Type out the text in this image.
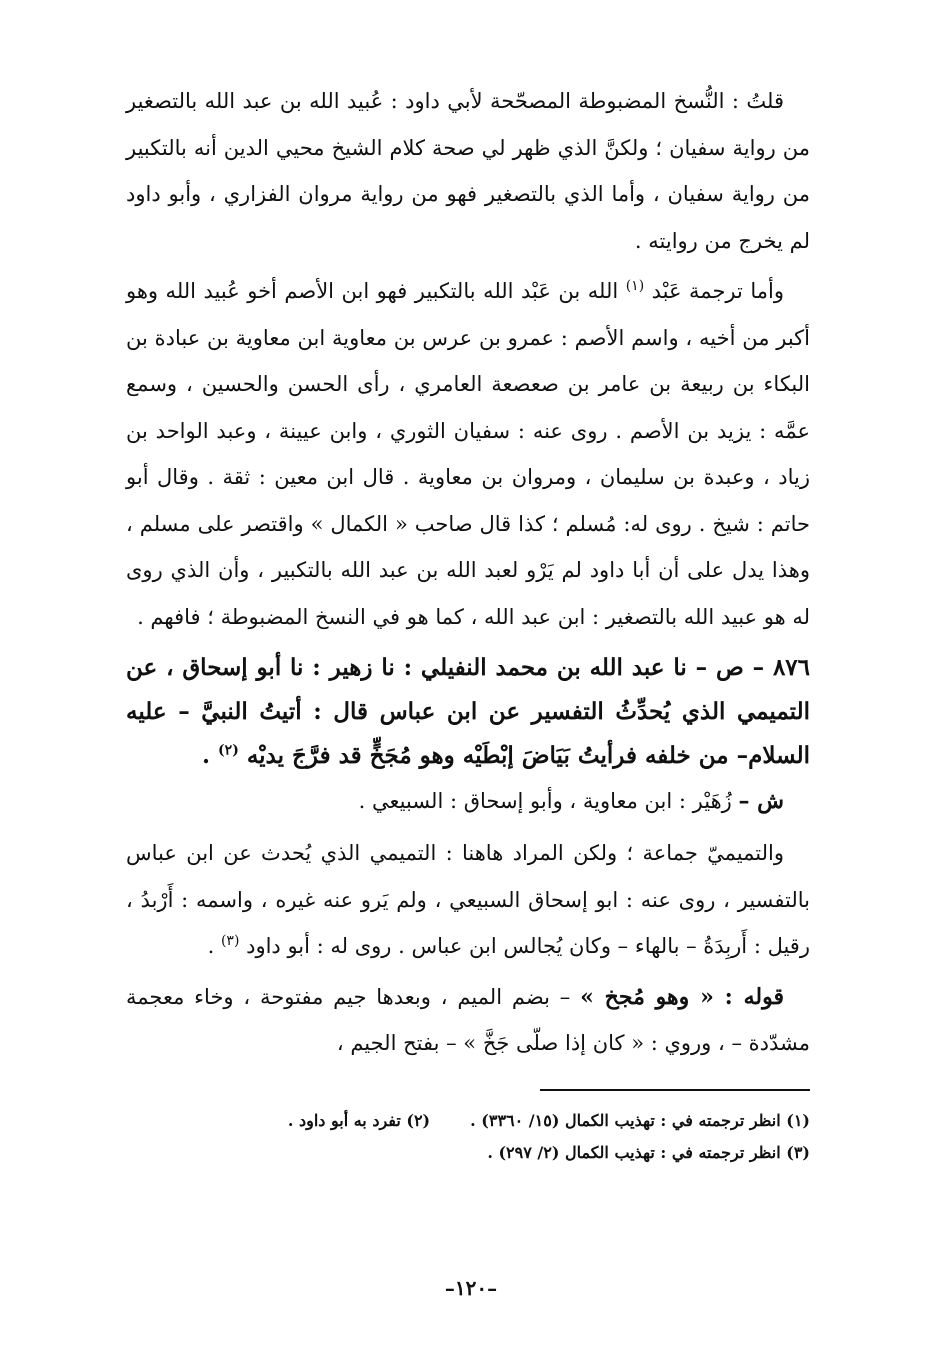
قلتُ : النُّسخ المضبوطة المصحّحة لأبي داود : عُبيد الله بن عبد الله بالتصغير من رواية سفيان ؛ ولكنَّ الذي ظهر لي صحة كلام الشيخ محيي الدين أنه بالتكبير من رواية سفيان ، وأما الذي بالتصغير فهو من رواية مروان الفزاري ، وأبو داود لم يخرج من روايته .

وأما ترجمة عَبْد $^{(١)}$ الله بن عَبْد الله بالتكبير فهو ابن الأصم أخو عُبيد الله وهو أكبر من أخيه ، واسم الأصم : عمرو بن عرس بن معاوية ابن معاوية بن عبادة بن البكاء بن ربيعة بن عامر بن صعصعة العامري ، رأى الحسن والحسين ، وسمع عمَّه : يزيد بن الأصم . روى عنه : سفيان الثوري ، وابن عيينة ، وعبد الواحد بن زياد ، وعبدة بن سليمان ، ومروان بن معاوية . قال ابن معين : ثقة . وقال أبو حاتم : شيخ . روى له: مُسلم ؛ كذا قال صاحب « الكمال » واقتصر على مسلم ، وهذا يدل على أن أبا داود لم يَرْو لعبد الله بن عبد الله بالتكبير ، وأن الذي روى له هو عبيد الله بالتصغير : ابن عبد الله ، كما هو في النسخ المضبوطة ؛ فافهم .

٨٧٦ – ص – نا عبد الله بن محمد النفيلي : نا زهير : نا أبو إسحاق ، عن التميمي الذي يُحدِّثُ التفسير عن ابن عباس قال : أتيتُ النبيَّ – عليه السلام– من خلفه فرأيتُ بَيَاضَ إبْطَيْه وهو مُجَخٍّ قد فرَّجَ يديْه $^{(٢)}$ .

ش – زُهَيْر : ابن معاوية ، وأبو إسحاق : السبيعي .

والتميميّ جماعة ؛ ولكن المراد هاهنا : التميمي الذي يُحدث عن ابن عباس بالتفسير ، روى عنه : ابو إسحاق السبيعي ، ولم يَرو عنه غيره ، واسمه : أَرْبدُ ، رقيل : أَربِدَةُ – بالهاء – وكان يُجالس ابن عباس . روى له : أبو داود $^{(٣)}$ .

قوله : « وهو مُجخ » – بضم الميم ، وبعدها جيم مفتوحة ، وخاء معجمة مشدّدة – ، وروي : « كان إذا صلّى جَخَّ » – بفتح الجيم ،

(١) انظر ترجمته في : تهذيب الكمال (١٥/ ٣٣٦٠) .(٢) تفرد به أبو داود .
(٣) انظر ترجمته في : تهذيب الكمال (٢/ ٢٩٧) .
–١٢٠–
